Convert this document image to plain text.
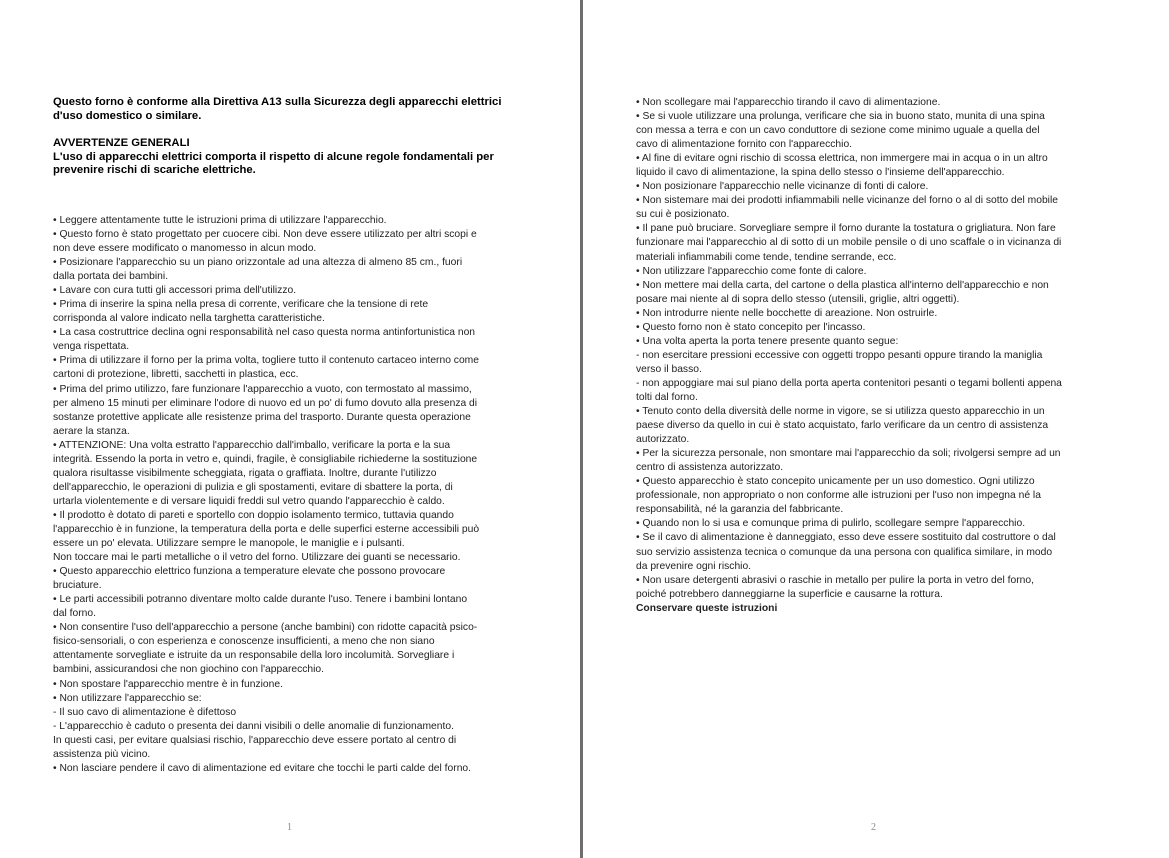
Questo forno è conforme alla Direttiva A13 sulla Sicurezza degli apparecchi elettrici

d'uso domestico o similare.

AVVERTENZE GENERALI

L'uso di apparecchi elettrici comporta il rispetto di alcune regole fondamentali per

prevenire rischi di scariche elettriche.

• Leggere attentamente tutte le istruzioni prima di utilizzare l'apparecchio.

• Questo forno è stato progettato per cuocere cibi. Non deve essere utilizzato per altri scopi e

non deve essere modificato o manomesso in alcun modo.

• Posizionare l'apparecchio su un piano orizzontale ad una altezza di almeno 85 cm., fuori

dalla portata dei bambini.

• Lavare con cura tutti gli accessori prima dell'utilizzo.

• Prima di inserire la spina nella presa di corrente, verificare che la tensione di rete

corrisponda al valore indicato nella targhetta caratteristiche.

• La casa costruttrice declina ogni responsabilità nel caso questa norma antinfortunistica non

venga rispettata.

• Prima di utilizzare il forno per la prima volta, togliere tutto il contenuto cartaceo interno come

cartoni di protezione, libretti, sacchetti in plastica, ecc.

• Prima del primo utilizzo, fare funzionare l'apparecchio a vuoto, con termostato al massimo,

per almeno 15 minuti per eliminare l'odore di nuovo ed un po' di fumo dovuto alla presenza di

sostanze protettive applicate alle resistenze prima del trasporto. Durante questa operazione

aerare la stanza.

• ATTENZIONE: Una volta estratto l'apparecchio dall'imballo, verificare la porta e la sua

integrità. Essendo la porta in vetro e, quindi, fragile, è consigliabile richiederne la sostituzione

qualora risultasse visibilmente scheggiata, rigata o graffiata. Inoltre, durante l'utilizzo

dell'apparecchio, le operazioni di pulizia e gli spostamenti, evitare di sbattere la porta, di

urtarla violentemente e di versare liquidi freddi sul vetro quando l'apparecchio è caldo.

• Il prodotto è dotato di pareti e sportello con doppio isolamento termico, tuttavia quando

l'apparecchio è in funzione, la temperatura della porta e delle superfici esterne accessibili può

essere un po' elevata. Utilizzare sempre le manopole, le maniglie e i pulsanti.

Non toccare mai le parti metalliche o il vetro del forno. Utilizzare dei guanti se necessario.

• Questo apparecchio elettrico funziona a temperature elevate che possono provocare

bruciature.

• Le parti accessibili potranno diventare molto calde durante l'uso. Tenere i bambini lontano

dal forno.

• Non consentire l'uso dell'apparecchio a persone (anche bambini) con ridotte capacità psico-

fisico-sensoriali, o con esperienza e conoscenze insufficienti, a meno che non siano

attentamente sorvegliate e istruite da un responsabile della loro incolumità. Sorvegliare i

bambini, assicurandosi che non giochino con l'apparecchio.

• Non spostare l'apparecchio mentre è in funzione.

• Non utilizzare l'apparecchio se:

- Il suo cavo di alimentazione è difettoso

- L'apparecchio è caduto o presenta dei danni visibili o delle anomalie di funzionamento.

In questi casi, per evitare qualsiasi rischio, l'apparecchio deve essere portato al centro di

assistenza più vicino.

• Non lasciare pendere il cavo di alimentazione ed evitare che tocchi le parti calde del forno.

1

• Non scollegare mai l'apparecchio tirando il cavo di alimentazione.

• Se si vuole utilizzare una prolunga, verificare che sia in buono stato, munita di una spina

con messa a terra e con un cavo conduttore di sezione come minimo uguale a quella del

cavo di alimentazione fornito con l'apparecchio.

• Al fine di evitare ogni rischio di scossa elettrica, non immergere mai in acqua o in un altro

liquido il cavo di alimentazione, la spina dello stesso o l'insieme dell'apparecchio.

• Non posizionare l'apparecchio nelle vicinanze di fonti di calore.

• Non sistemare mai dei prodotti infiammabili nelle vicinanze del forno o al di sotto del mobile

su cui è posizionato.

• Il pane può bruciare. Sorvegliare sempre il forno durante la tostatura o grigliatura. Non fare

funzionare mai l'apparecchio al di sotto di un mobile pensile o di uno scaffale o in vicinanza di

materiali infiammabili come tende, tendine serrande, ecc.

• Non utilizzare l'apparecchio come fonte di calore.

• Non mettere mai della carta, del cartone o della plastica all'interno dell'apparecchio e non

posare mai niente al di sopra dello stesso (utensili, griglie, altri oggetti).

• Non introdurre niente nelle bocchette di areazione. Non ostruirle.

• Questo forno non è stato concepito per l'incasso.

• Una volta aperta la porta tenere presente quanto segue:

- non esercitare pressioni eccessive con oggetti troppo pesanti oppure tirando la maniglia

verso il basso.

- non appoggiare mai sul piano della porta aperta contenitori pesanti o tegami bollenti appena

tolti dal forno.

• Tenuto conto della diversità delle norme in vigore, se si utilizza questo apparecchio in un

paese diverso da quello in cui è stato acquistato, farlo verificare da un centro di assistenza

autorizzato.

• Per la sicurezza personale, non smontare mai l'apparecchio da soli; rivolgersi sempre ad un

centro di assistenza autorizzato.

• Questo apparecchio è stato concepito unicamente per un uso domestico. Ogni utilizzo

professionale, non appropriato o non conforme alle istruzioni per l'uso non impegna né la

responsabilità, né la garanzia del fabbricante.

• Quando non lo si usa e comunque prima di pulirlo, scollegare sempre l'apparecchio.

• Se il cavo di alimentazione è danneggiato, esso deve essere sostituito dal costruttore o dal

suo servizio assistenza tecnica o comunque da una persona con qualifica similare, in modo

da prevenire ogni rischio.

• Non usare detergenti abrasivi o raschie in metallo per pulire la porta in vetro del forno,

poiché potrebbero danneggiarne la superficie e causarne la rottura.

Conservare queste istruzioni

2
